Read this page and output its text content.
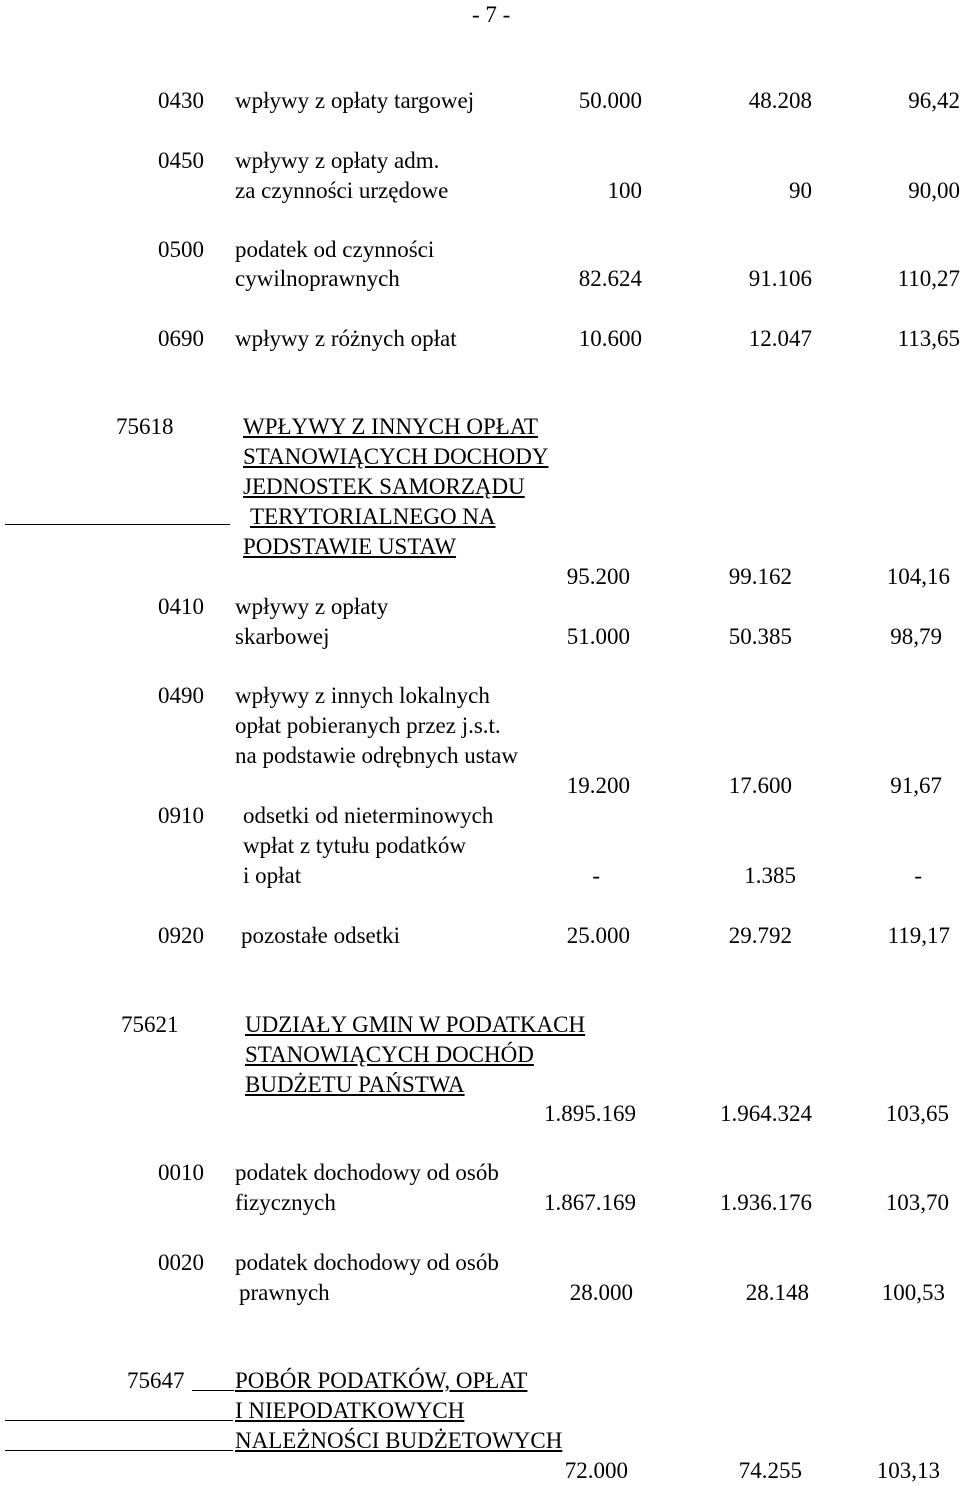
- 7 -
0430 wpływy z opłaty targowej	50.000	48.208	96,42
0450 wpływy z opłaty adm.
za czynności urzędowe	100	90	90,00
0500 podatek od czynności
cywilnoprawnych	82.624	91.106	110,27
0690 wpływy z różnych opłat	10.600	12.047	113,65
75618	WPŁYWY Z INNYCH OPŁAT
STANOWIĄCYCH DOCHODY
JEDNOSTEK SAMORZĄDU
TERYTORIALNEGO NA
PODSTAWIE USTAW
95.200	99.162	104,16
0410 wpływy z opłaty
skarbowej	51.000	50.385	98,79
0490 wpływy z innych lokalnych
opłat pobieranych przez j.s.t.
na podstawie odrębnych ustaw
19.200	17.600	91,67
0910 odsetki od nieterminowych
wpłat z tytułu podatków
i opłat	-	1.385	-
0920 pozostałe odsetki	25.000	29.792	119,17
75621	UDZIAŁY GMIN W PODATKACH
STANOWIĄCYCH DOCHÓD
BUDŻETU PAŃSTWA
1.895.169	1.964.324	103,65
0010 podatek dochodowy od osób
fizycznych	1.867.169	1.936.176	103,70
0020 podatek dochodowy od osób
prawnych	28.000	28.148	100,53
75647 POBÓR PODATKÓW, OPŁAT
I NIEPODATKOWYCH
NALEŻNOŚCI BUDŻETOWYCH
72.000	74.255	103,13
